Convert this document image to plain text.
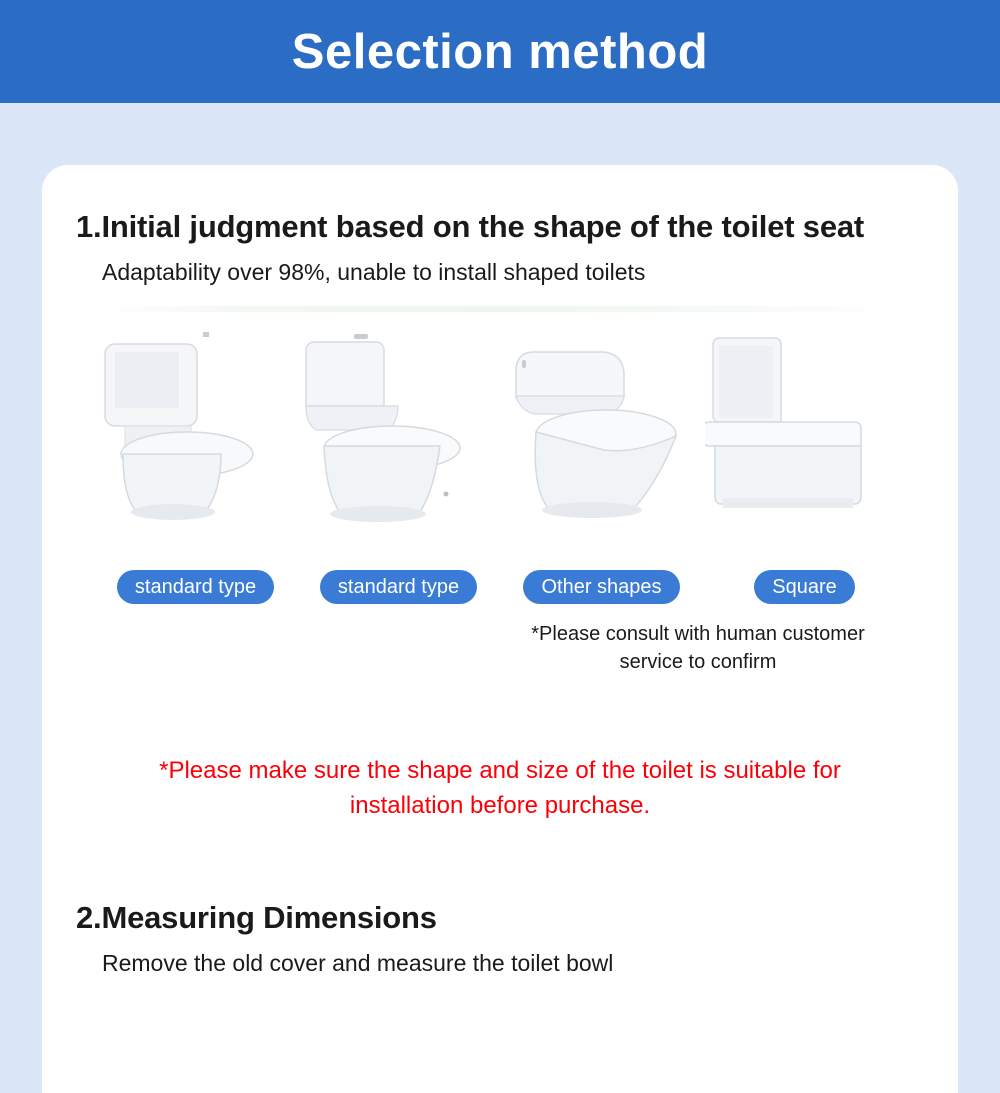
Selection method
1.Initial judgment based on the shape of the toilet seat

Adaptability over 98%, unable to install shaped toilets

standard type	standard type	Other shapes	Square
*Please consult with human customer service to confirm
*Please make sure the shape and size of the toilet is suitable for installation before purchase.
2.Measuring Dimensions

Remove the old cover and measure the toilet bowl
